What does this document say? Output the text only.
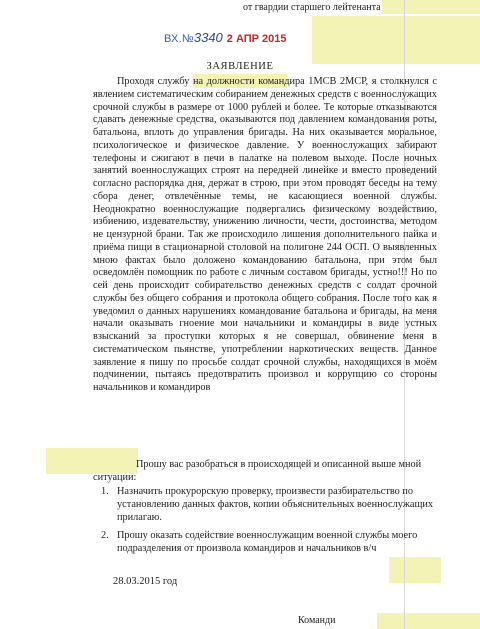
от гвардии старшего лейтенанта
ВХ.№3340 2 АПР 2015
ЗАЯВЛЕНИЕ

Проходя службу на должности командира 1МСВ 2МСР, я столкнулся с явлением систематическим собиранием денежных средств с военнослужащих срочной службы в размере от 1000 рублей и более. Те которые отказываются сдавать денежные средства, оказываются под давлением командования роты, батальона, вплоть до управления бригады. На них оказывается моральное, психологическое и физическое давление. У военнослужащих забирают телефоны и сжигают в печи в палатке на полевом выходе. После ночных занятий военнослужащих строят на передней линейке и вместо проведений согласно распорядка дня, держат в строю, при этом проводят беседы на тему сбора денег, отвлечённые темы, не касающиеся военной службы. Неоднократно военнослужащие подвергались физическому воздействию, избиению, издевательству, унижению личности, чести, достоинства, методом не цензурной брани. Так же происходило лишения дополнительного пайка и приёма пищи в стационарной столовой на полигоне 244 ОСП. О выявленных мною фактах было доложено командованию батальона, при этом был осведомлён помощник по работе с личным составом бригады, устно!!! Но по сей день происходит собирательство денежных средств с солдат срочной службы без общего собрания и протокола общего собрания. После того как я уведомил о данных нарушениях командование батальона и бригады, на меня начали оказывать гноение мои начальники и командиры в виде устных взысканий за проступки которых я не совершал, обвинение меня в систематическом пьянстве, употреблении наркотических веществ. Данное заявление я пишу по просьбе солдат срочной службы, находящихся в моём подчинении, пытаясь предотвратить произвол и коррупцию со стороны начальников и командиров

Прошу вас разобраться в происходящей и описанной выше мной ситуации:

1. Назначить прокурорскую проверку, произвести разбирательство по установлению данных фактов, копии объяснительных военнослужащих прилагаю.
2. Прошу оказать содействие военнослужащим военной службы моего подразделения от произвола командиров и начальников в/ч
28.03.2015 год
Команди
